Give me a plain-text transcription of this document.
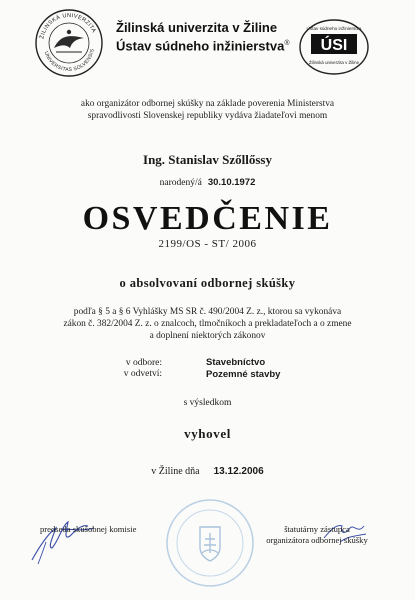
ŽILINSKÁ UNIVERZITA
UNIVERSITAS SOLVENSIS
Žilinská univerzita v Žiline
Ústav súdneho inžinierstva®
Ústav súdneho inžinierstva
ÚSI
Žilinská univerzita v Žiline
ako organizátor odbornej skúšky na základe poverenia Ministerstva
spravodlivosti Slovenskej republiky vydáva žiadateľovi menom
Ing. Stanislav Szőllőssy
narodený/á 30.10.1972
OSVEDČENIE
2199/OS - ST/ 2006
o absolvovaní odbornej skúšky
podľa § 5 a § 6 Vyhlášky MS SR č. 490/2004 Z. z., ktorou sa vykonáva
zákon č. 382/2004 Z. z. o znalcoch, tlmočníkoch a prekladateľoch a o zmene
a doplnení niektorých zákonov
v odbore:	Stavebníctvo
v odvetví:	Pozemné stavby
s výsledkom
vyhovel
v Žiline dňa 13.12.2006
predseda skúšobnej komisie	štatutárny zástupca
organizátora odbornej skúšky
